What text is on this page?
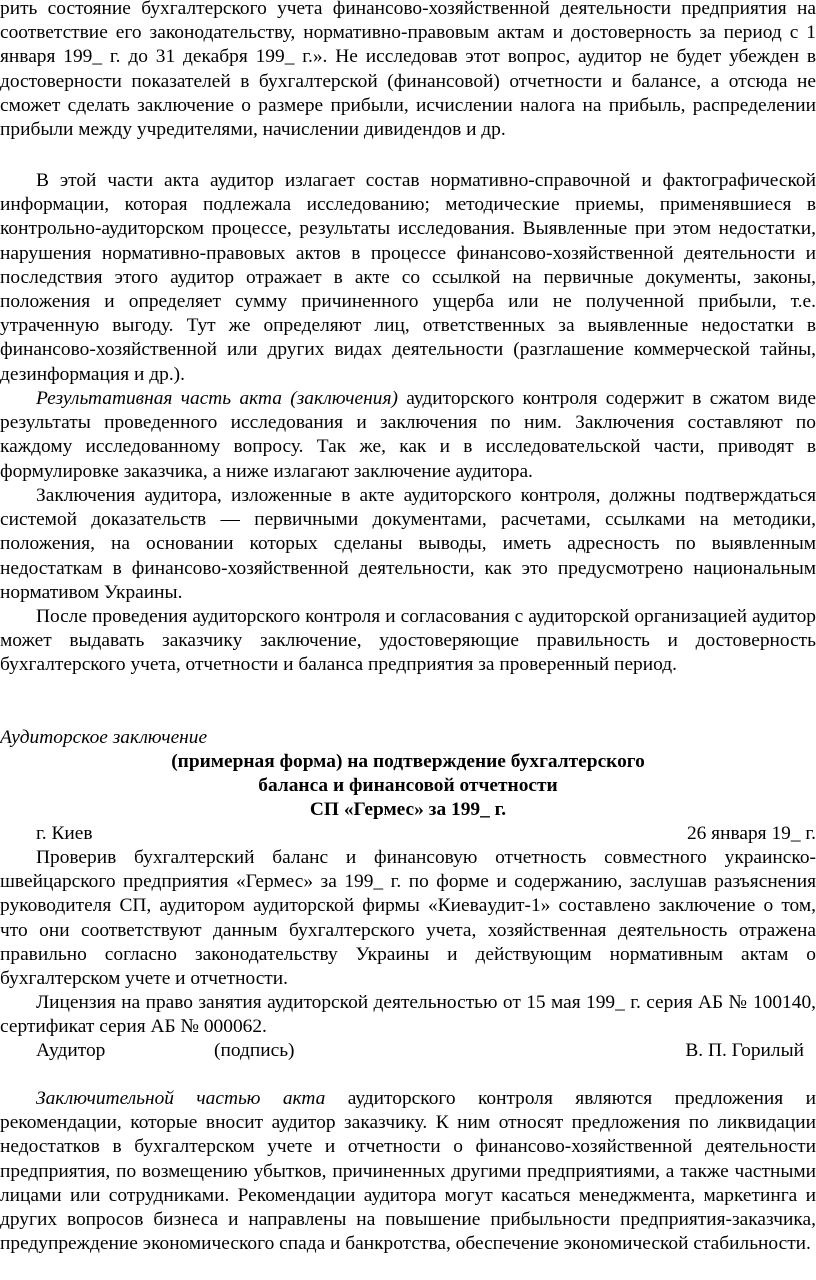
рить состояние бухгалтерского учета финансово-хозяйственной деятельности предприятия на соответствие его законодательству, нормативно-правовым актам и достоверность за период с 1 января 199_ г. до 31 декабря 199_ г.». Не исследовав этот вопрос, аудитор не будет убежден в достоверности показателей в бухгалтерской (финансовой) отчетности и балансе, а отсюда не сможет сделать заключение о размере прибыли, исчислении налога на прибыль, распределении прибыли между учредителями, начислении дивидендов и др.

В этой части акта аудитор излагает состав нормативно-справочной и фактографической информации, которая подлежала исследованию; методические приемы, применявшиеся в контрольно-аудиторском процессе, результаты исследования. Выявленные при этом недостатки, нарушения нормативно-правовых актов в процессе финансово-хозяйственной деятельности и последствия этого аудитор отражает в акте со ссылкой на первичные документы, законы, положения и определяет сумму причиненного ущерба или не полученной прибыли, т.е. утраченную выгоду. Тут же определяют лиц, ответственных за выявленные недостатки в финансово-хозяйственной или других видах деятельности (разглашение коммерческой тайны, дезинформация и др.).

Результативная часть акта (заключения) аудиторского контроля содержит в сжатом виде результаты проведенного исследования и заключения по ним. Заключения составляют по каждому исследованному вопросу. Так же, как и в исследовательской части, приводят в формулировке заказчика, а ниже излагают заключение аудитора.

Заключения аудитора, изложенные в акте аудиторского контроля, должны подтверждаться системой доказательств — первичными документами, расчетами, ссылками на методики, положения, на основании которых сделаны выводы, иметь адресность по выявленным недостаткам в финансово-хозяйственной деятельности, как это предусмотрено национальным нормативом Украины.

После проведения аудиторского контроля и согласования с аудиторской организацией аудитор может выдавать заказчику заключение, удостоверяющие правильность и достоверность бухгалтерского учета, отчетности и баланса предприятия за проверенный период.

Аудиторское заключение

(примерная форма) на подтверждение бухгалтерского

баланса и финансовой отчетности

СП «Гермес» за 199_ г.

г. Киев	26 января 19_ г.

Проверив бухгалтерский баланс и финансовую отчетность совместного украинско-швейцарского предприятия «Гермес» за 199_ г. по форме и содержанию, заслушав разъяснения руководителя СП, аудитором аудиторской фирмы «Киевaудит-1» составлено заключение о том, что они соответствуют данным бухгалтерского учета, хозяйственная деятельность отражена правильно согласно законодательству Украины и действующим нормативным актам о бухгалтерском учете и отчетности.

Лицензия на право занятия аудиторской деятельностью от 15 мая 199_ г. серия АБ № 100140, сертификат серия АБ № 000062.

Аудитор	(подпись)	В. П. Горилый

Заключительной частью акта аудиторского контроля являются предложения и рекомендации, которые вносит аудитор заказчику. К ним относят предложения по ликвидации недостатков в бухгалтерском учете и отчетности о финансово-хозяйственной деятельности предприятия, по возмещению убытков, причиненных другими предприятиями, а также частными лицами или сотрудниками. Рекомендации аудитора могут касаться менеджмента, маркетинга и других вопросов бизнеса и направлены на повышение прибыльности предприятия-заказчика, предупреждение экономического спада и банкротства, обеспечение экономической стабильности.
